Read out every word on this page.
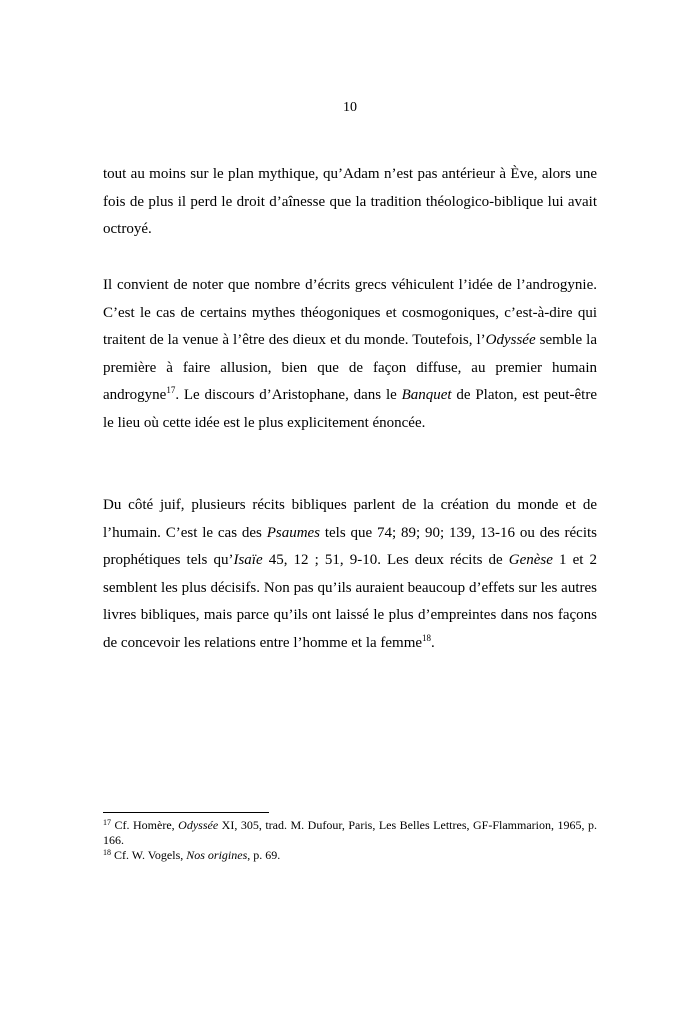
10

tout au moins sur le plan mythique, qu’Adam n’est pas antérieur à Ève, alors une fois de plus il perd le droit d’aînesse que la tradition théologico-biblique lui avait octroyé.

Il convient de noter que nombre d’écrits grecs véhiculent l’idée de l’androgynie. C’est le cas de certains mythes théogoniques et cosmogoniques, c’est-à-dire qui traitent de la venue à l’être des dieux et du monde. Toutefois, l’Odyssée semble la première à faire allusion, bien que de façon diffuse, au premier humain androgyne$^{17}$. Le discours d’Aristophane, dans le Banquet de Platon, est peut-être le lieu où cette idée est le plus explicitement énoncée.

Du côté juif, plusieurs récits bibliques parlent de la création du monde et de l’humain. C’est le cas des Psaumes tels que 74; 89; 90; 139, 13-16 ou des récits prophétiques tels qu’Isaïe 45, 12 ; 51, 9-10. Les deux récits de Genèse 1 et 2 semblent les plus décisifs. Non pas qu’ils auraient beaucoup d’effets sur les autres livres bibliques, mais parce qu’ils ont laissé le plus d’empreintes dans nos façons de concevoir les relations entre l’homme et la femme$^{18}$.

$^{17}$ Cf. Homère, Odyssée XI, 305, trad. M. Dufour, Paris, Les Belles Lettres, GF-Flammarion, 1965, p. 166.

$^{18}$ Cf. W. Vogels, Nos origines, p. 69.
